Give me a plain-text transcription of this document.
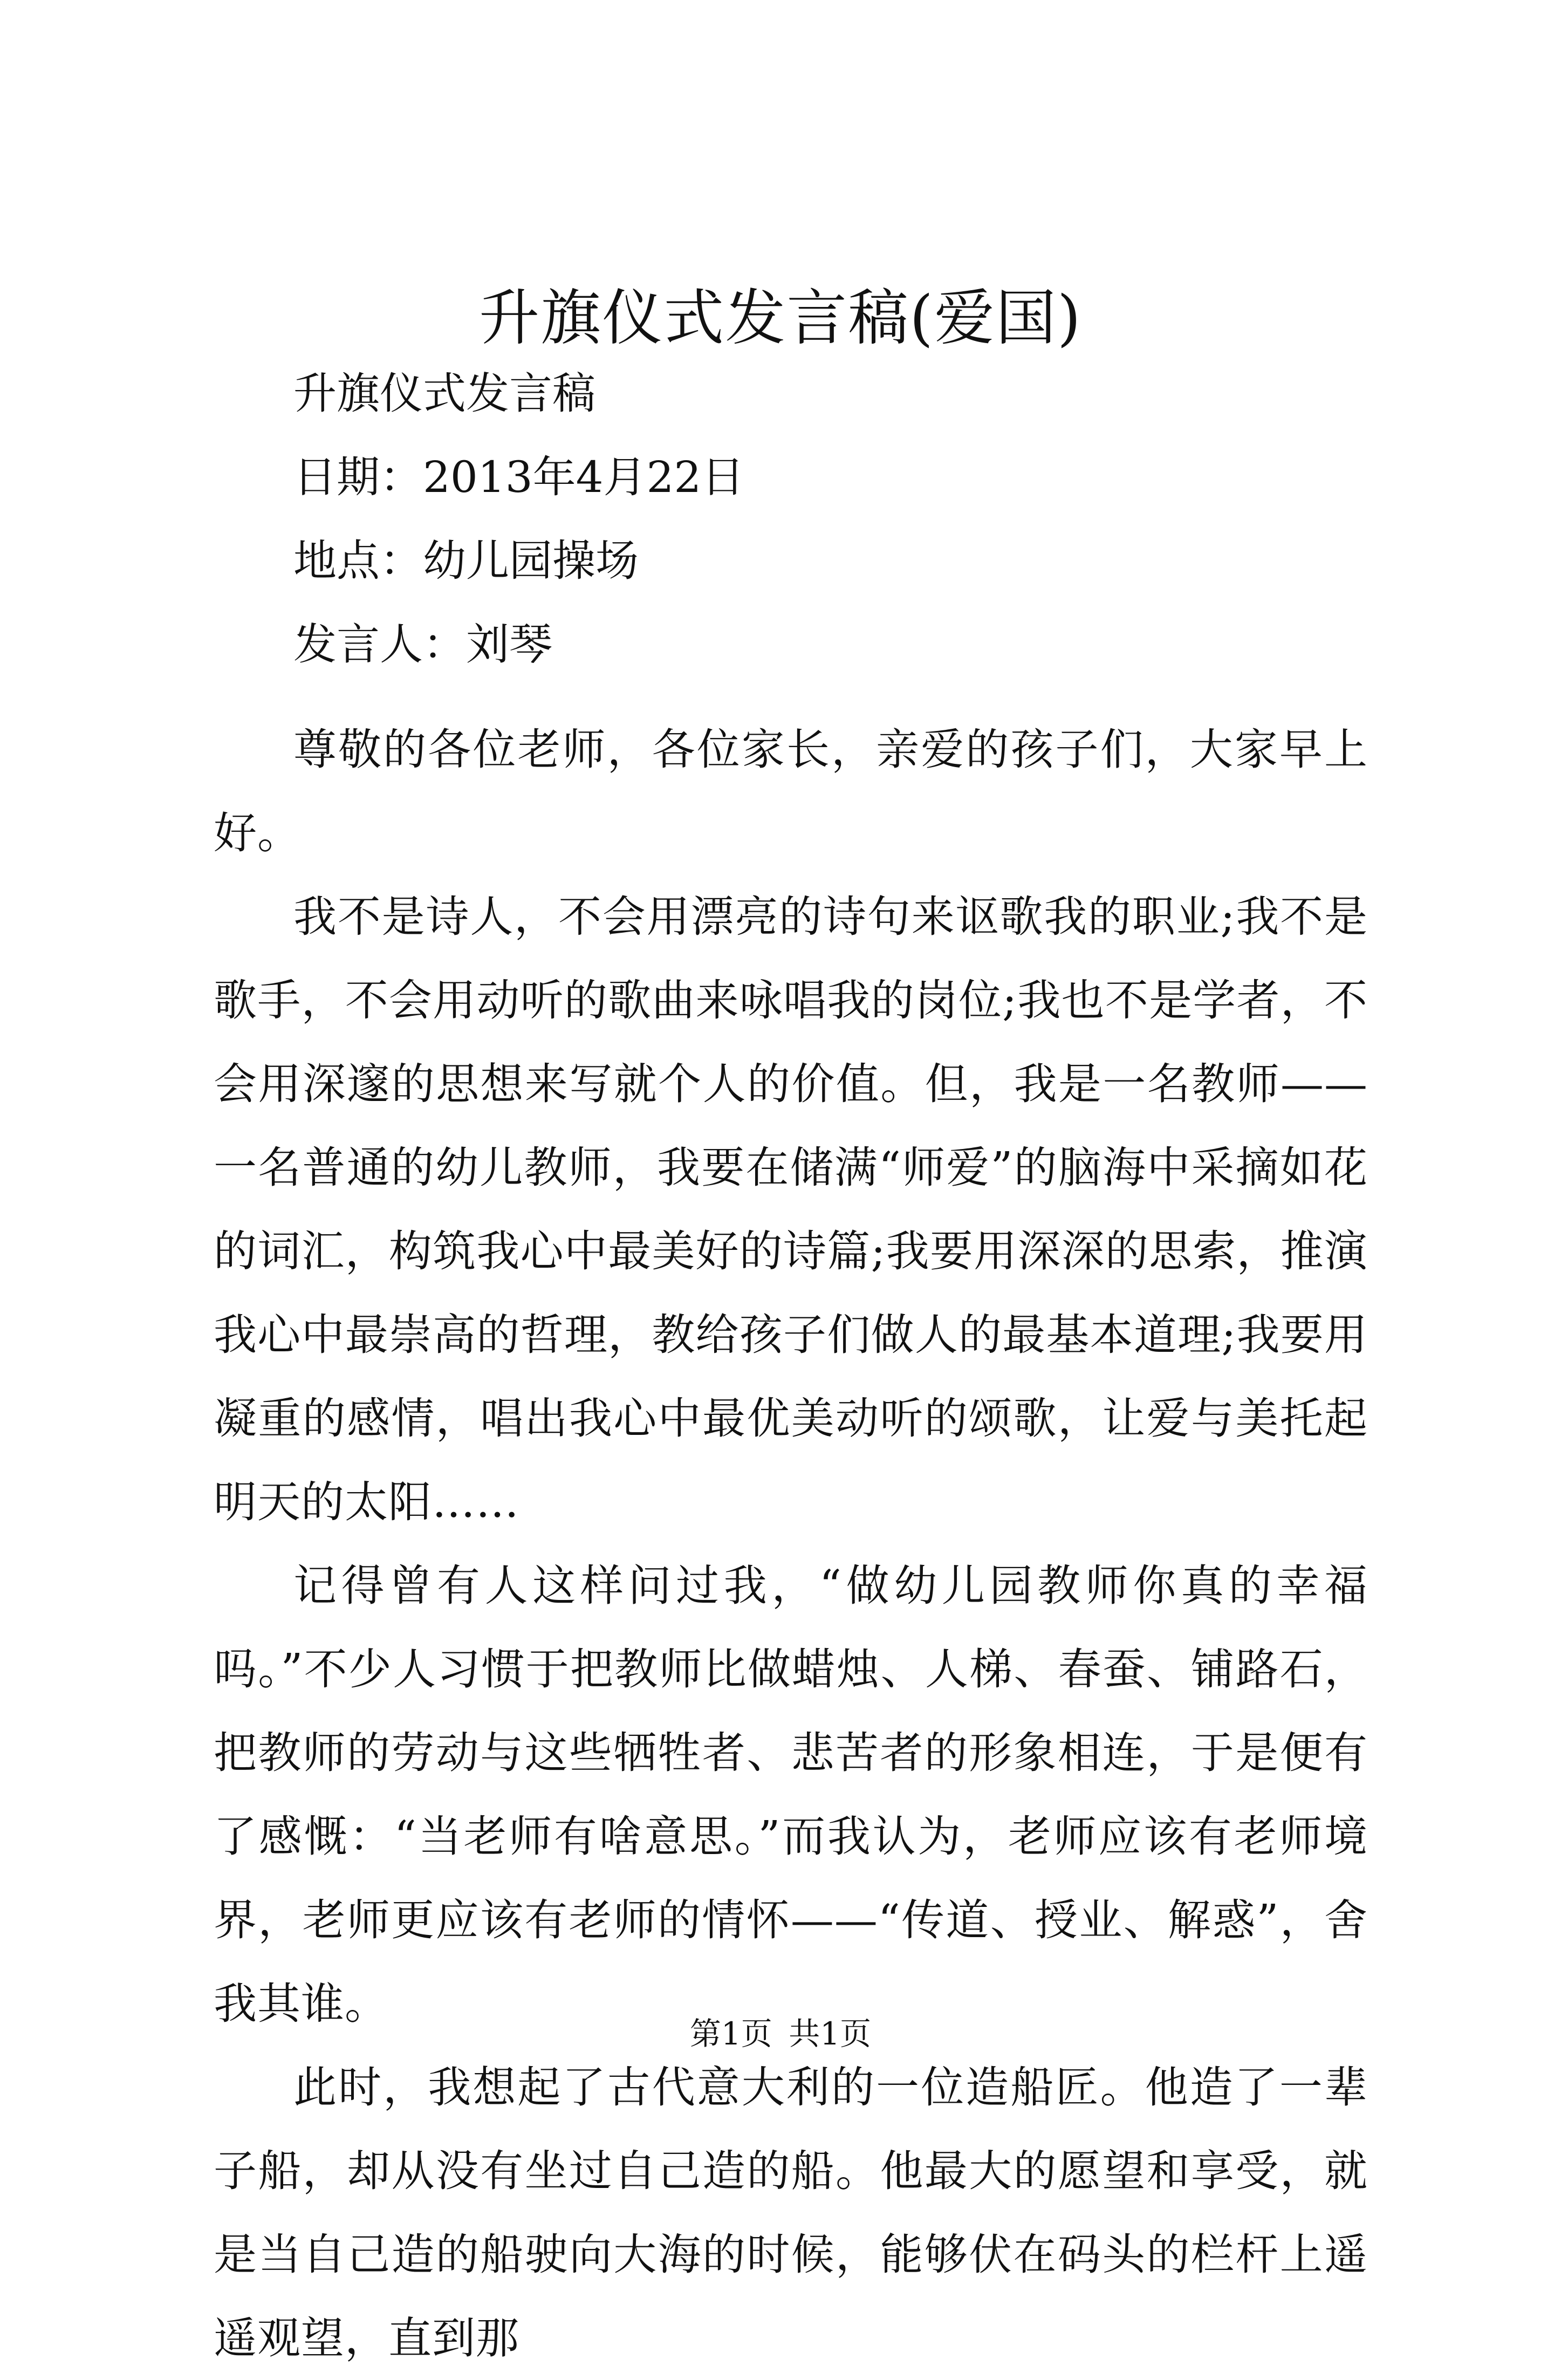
升旗仪式发言稿(爱国)

升旗仪式发言稿

日期：2013年4月22日

地点：幼儿园操场

发言人：刘琴

尊敬的各位老师，各位家长，亲爱的孩子们，大家早上好。

我不是诗人，不会用漂亮的诗句来讴歌我的职业;我不是歌手，不会用动听的歌曲来咏唱我的岗位;我也不是学者，不会用深邃的思想来写就个人的价值。但，我是一名教师——一名普通的幼儿教师，我要在储满“师爱”的脑海中采摘如花的词汇，构筑我心中最美好的诗篇;我要用深深的思索，推演我心中最崇高的哲理，教给孩子们做人的最基本道理;我要用凝重的感情，唱出我心中最优美动听的颂歌，让爱与美托起明天的太阳……

记得曾有人这样问过我，“做幼儿园教师你真的幸福吗。”不少人习惯于把教师比做蜡烛、人梯、春蚕、铺路石，把教师的劳动与这些牺牲者、悲苦者的形象相连，于是便有了感慨：“当老师有啥意思。”而我认为，老师应该有老师境界，老师更应该有老师的情怀——“传道、授业、解惑”，舍我其谁。

此时，我想起了古代意大利的一位造船匠。他造了一辈子船，却从没有坐过自己造的船。他最大的愿望和享受，就是当自己造的船驶向大海的时候，能够伏在码头的栏杆上遥遥观望，直到那

第1页 共1页
